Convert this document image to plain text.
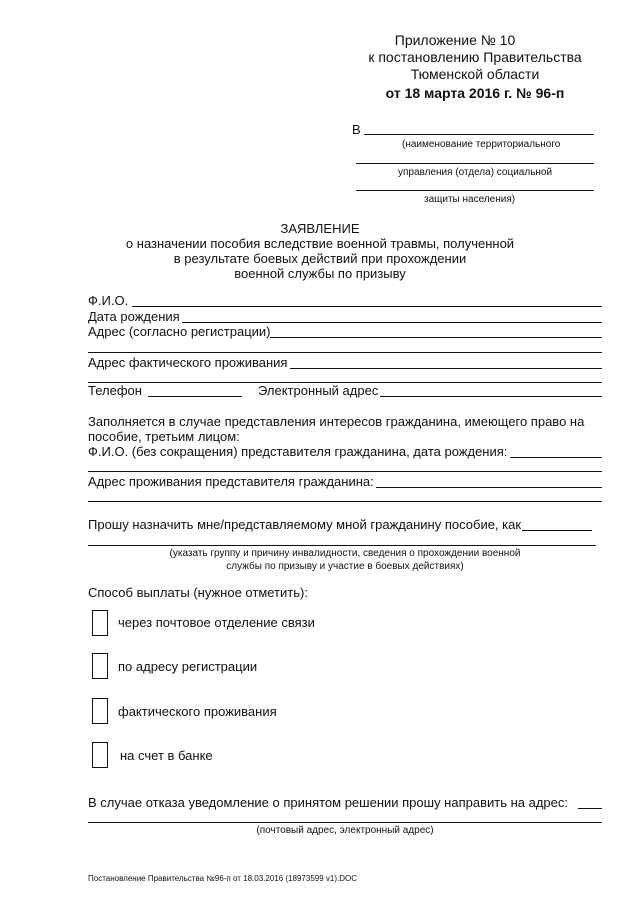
Приложение № 10
к постановлению Правительства
Тюменской области
от 18 марта 2016 г. № 96-п
В
(наименование территориального
управления (отдела) социальной
защиты населения)
ЗАЯВЛЕНИЕ
о назначении пособия вследствие военной травмы, полученной
в результате боевых действий при прохождении
военной службы по призыву
Ф.И.О.
Дата рождения
Адрес (согласно регистрации)
Адрес фактического проживания
Телефон	Электронный адрес
Заполняется в случае представления интересов гражданина, имеющего право на
пособие, третьим лицом:
Ф.И.О. (без сокращения) представителя гражданина, дата рождения:
Адрес проживания представителя гражданина:
Прошу назначить мне/представляемому мной гражданину пособие, как
(указать группу и причину инвалидности, сведения о прохождении военной
службы по призыву и участие в боевых действиях)
Способ выплаты (нужное отметить):
через почтовое отделение связи
по адресу регистрации
фактического проживания
на счет в банке
В случае отказа уведомление о принятом решении прошу направить на адрес:
(почтовый адрес, электронный адрес)
Постановление Правительства №96-п от 18.03.2016 (18973599 v1).DOC
